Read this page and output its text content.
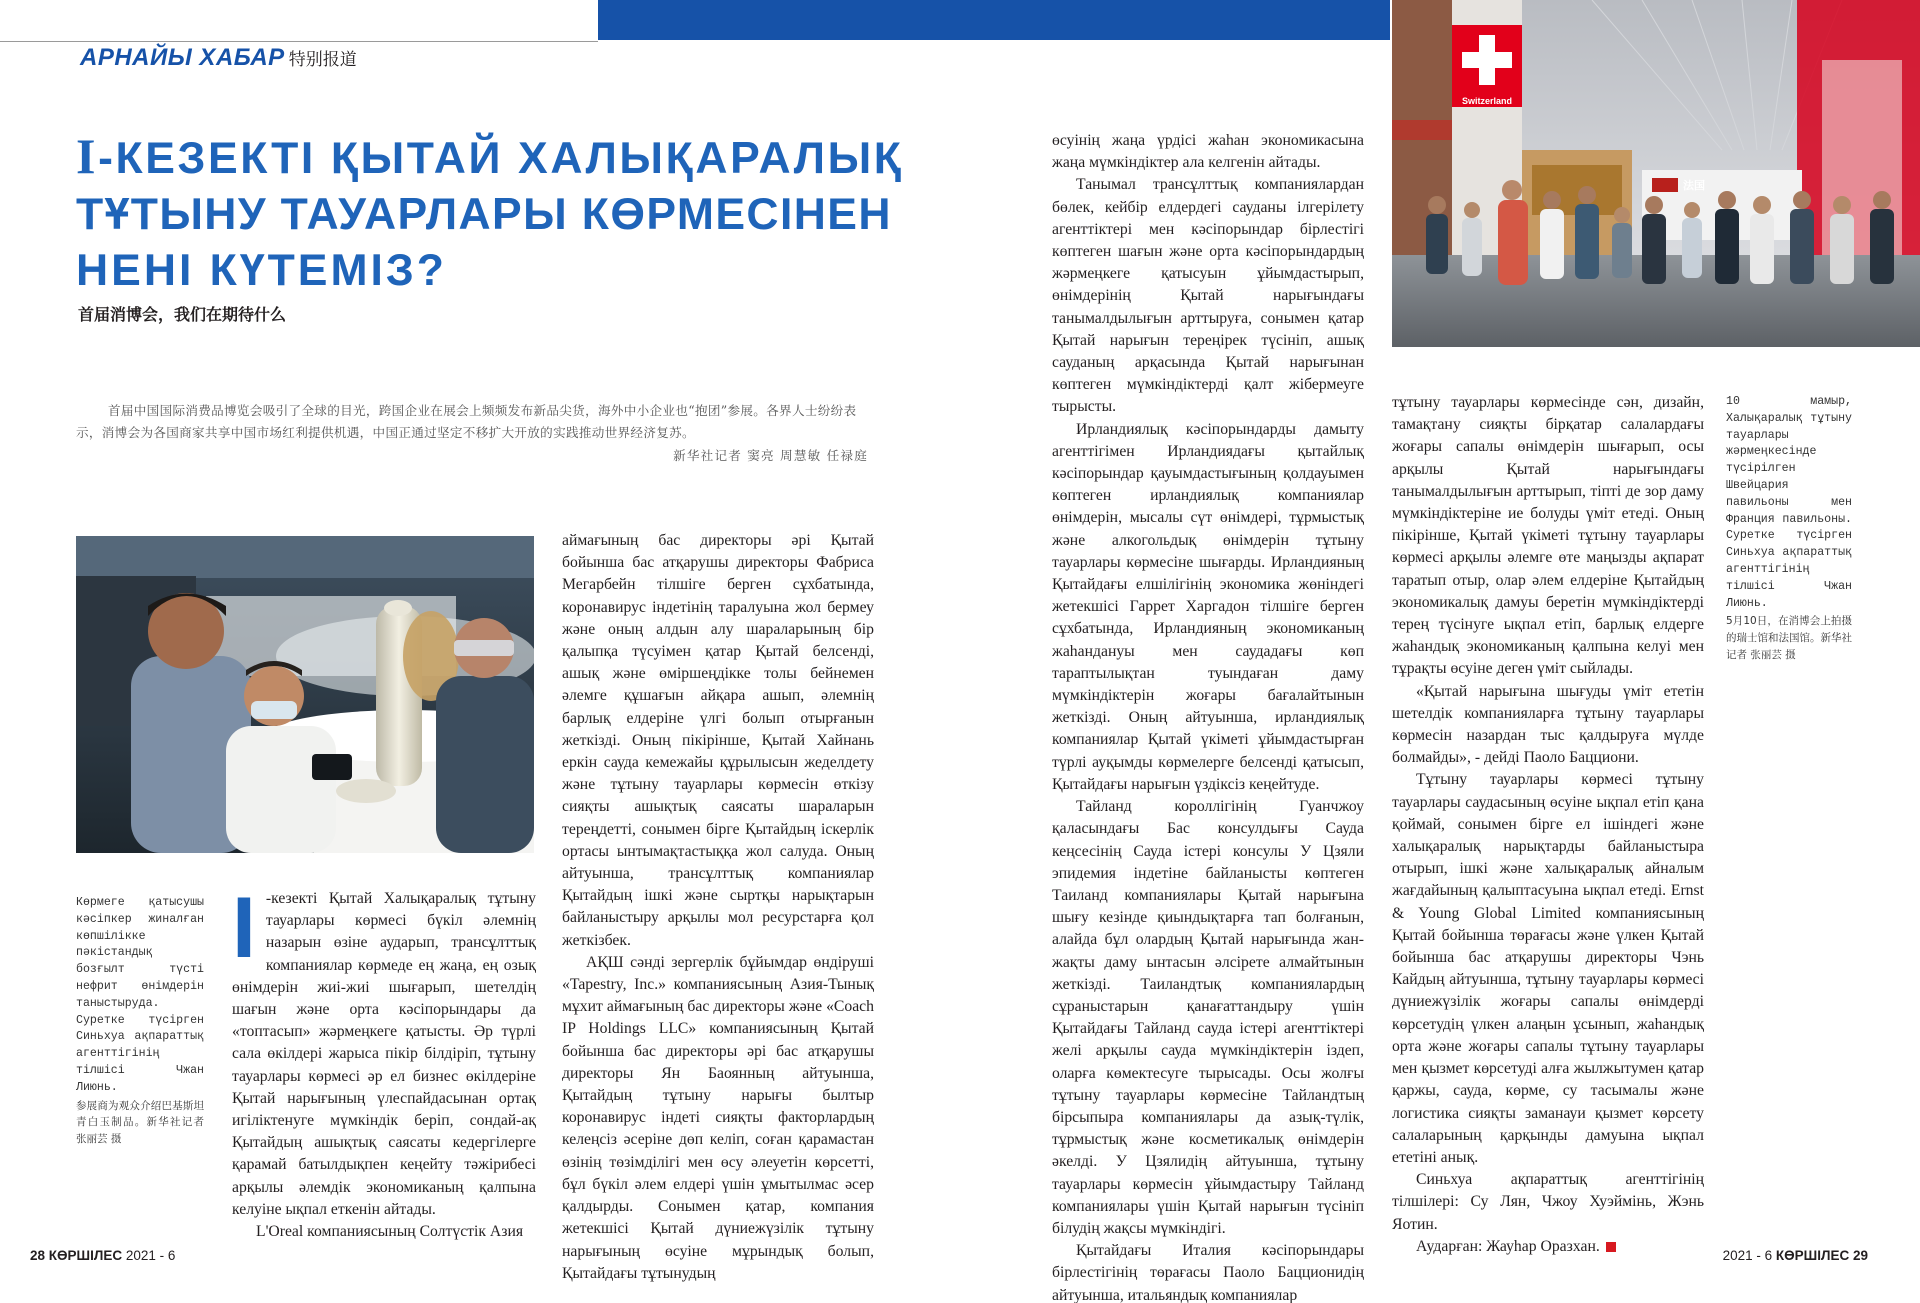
АРНАЙЫ ХАБАР 特别报道
І-КЕЗЕКТІ ҚЫТАЙ ХАЛЫҚАРАЛЫҚ
ТҰТЫНУ ТАУАРЛАРЫ КӨРМЕСІНЕН
НЕНІ КҮТЕМІЗ?
首届消博会，我们在期待什么

首届中国国际消费品博览会吸引了全球的目光，跨国企业在展会上频频发布新品尖货，海外中小企业也“抱团”参展。各界人士纷纷表示，消博会为各国商家共享中国市场红利提供机遇，中国正通过坚定不移扩大开放的实践推动世界经济复苏。

新华社记者 窦亮 周慧敏 任禄庭
Switzerland
法国
Көрмеге қатысушы кәсіпкер жиналған көпшілікке пәкістандық бозғылт түсті нефрит өнімдерін таныстыруда. Суретке түсірген Синьхуа ақпараттық агенттігінің тілшісі Чжан Лиюнь.
参展商为观众介绍巴基斯坦青白玉制品。新华社记者 张丽芸 摄
10 мамыр, Халықаралық тұтыну тауарлары жәрмеңкесінде түсірілген Швейцария павильоны мен Франция павильоны. Суретке түсірген Синьхуа ақпараттық агенттігінің тілшісі Чжан Лиюнь.
5月10日，在消博会上拍摄的瑞士馆和法国馆。新华社记者 张丽芸 摄

І -кезекті Қытай Халықаралық тұтыну тауарлары көрмесі бүкіл әлемнің назарын өзіне аударып, трансұлттық компаниялар көрмеде ең жаңа, ең озық өнімдерін жиі-жиі шығарып, шетелдің шағын және орта кәсіпорындары да «топтасып» жәрмеңкеге қатысты. Әр түрлі сала өкілдері жарыса пікір білдіріп, тұтыну тауарлары көрмесі әр ел бизнес өкілдеріне Қытай нарығының үлеспайдасынан ортақ игіліктенуге мүмкіндік беріп, сондай-ақ Қытайдың ашықтық саясаты кедергілерге қарамай батылдықпен кеңейту тәжірибесі арқылы әлемдік экономиканың қалпына келуіне ықпал еткенін айтады.

L'Oreal компаниясының Солтүстік Азия

аймағының бас директоры әрі Қытай бойынша бас атқарушы директоры Фабриса Мегарбейн тілшіге берген сұхбатында, коронавирус індетінің таралуына жол бермеу және оның алдын алу шараларының бір қалыпқа түсуімен қатар Қытай белсенді, ашық және өміршеңдікке толы бейнемен әлемге құшағын айқара ашып, әлемнің барлық елдеріне үлгі болып отырғанын жеткізді. Оның пікірінше, Қытай Хайнань еркін сауда кемежайы құрылысын жеделдету және тұтыну тауарлары көрмесін өткізу сияқты ашықтық саясаты шараларын тереңдетті, сонымен бірге Қытайдың іскерлік ортасы ынтымақтастыққа жол салуда. Оның айтуынша, трансұлттық компаниялар Қытайдың ішкі және сыртқы нарықтарын байланыстыру арқылы мол ресурстарға қол жеткізбек.

АҚШ сәнді зергерлік бұйымдар өндіруші «Tapestry, Inc.» компаниясының Азия-Тынық мұхит аймағының бас директоры және «Coach IP Holdings LLC» компаниясының Қытай бойынша бас директоры әрі бас атқарушы директоры Ян Баоянның айтуынша, Қытайдың тұтыну нарығы былтыр коронавирус індеті сияқты факторлардың келеңсіз әсеріне дөп келіп, соған қарамастан өзінің төзімділігі мен өсу әлеуетін көрсетті, бұл бүкіл әлем елдері үшін ұмытылмас әсер қалдырды. Сонымен қатар, компания жетекшісі Қытай дүниежүзілік тұтыну нарығының өсуіне мұрындық болып, Қытайдағы тұтынудың

өсуінің жаңа үрдісі жаһан экономикасына жаңа мүмкіндіктер ала келгенін айтады.

Танымал трансұлттық компаниялардан бөлек, кейбір елдердегі сауданы ілгерілету агенттіктері мен кәсіпорындар бірлестігі көптеген шағын және орта кәсіпорындардың жәрмеңкеге қатысуын ұйымдастырып, өнімдерінің Қытай нарығындағы танымалдылығын арттыруға, сонымен қатар Қытай нарығын тереңірек түсініп, ашық сауданың арқасында Қытай нарығынан көптеген мүмкіндіктерді қалт жібермеуге тырысты.

Ирландиялық кәсіпорындарды дамыту агенттігімен Ирландиядағы қытайлық кәсіпорындар қауымдастығының қолдауымен көптеген ирландиялық компаниялар өнімдерін, мысалы сүт өнімдері, тұрмыстық және алкогольдық өнімдерін тұтыну тауарлары көрмесіне шығарды. Ирландияның Қытайдағы елшілігінің экономика жөніндегі жетекшісі Гаррет Харгадон тілшіге берген сұхбатында, Ирландияның экономиканың жаһандануы мен саудадағы көп тараптылықтан туындаған даму мүмкіндіктерін жоғары бағалайтынын жеткізді. Оның айтуынша, ирландиялық компаниялар Қытай үкіметі ұйымдастырған түрлі ауқымды көрмелерге белсенді қатысып, Қытайдағы нарығын үздіксіз кеңейтуде.

Тайланд короллігінің Гуанчжоу қаласындағы Бас консулдығы Сауда кеңсесінің Сауда істері консулы У Цзяли эпидемия індетіне байланысты көптеген Таиланд компаниялары Қытай нарығына шығу кезінде қиындықтарға тап болғанын, алайда бұл олардың Қытай нарығында жан-жақты даму ынтасын әлсірете алмайтынын жеткізді. Таиландтық компаниялардың сұраныстарын қанағаттандыру үшін Қытайдағы Тайланд сауда істері агенттіктері желі арқылы сауда мүмкіндіктерін іздеп, оларға көмектесуге тырысады. Осы жолғы тұтыну тауарлары көрмесіне Тайландтың бірсыпыра компаниялары да азық-түлік, тұрмыстық және косметикалық өнімдерін әкелді. У Цзялидің айтуынша, тұтыну тауарлары көрмесін ұйымдастыру Тайланд компаниялары үшін Қытай нарығын түсініп білудің жақсы мүмкіндігі.

Қытайдағы Италия кәсіпорындары бірлестігінің төрағасы Паоло Бацционидің айтуынша, итальяндық компаниялар

тұтыну тауарлары көрмесінде сән, дизайн, тамақтану сияқты бірқатар салалардағы жоғары сапалы өнімдерін шығарып, осы арқылы Қытай нарығындағы танымалдылығын арттырып, тіпті де зор даму мүмкіндіктеріне ие болуды үміт етеді. Оның пікірінше, Қытай үкіметі тұтыну тауарлары көрмесі арқылы әлемге өте маңызды ақпарат таратып отыр, олар әлем елдеріне Қытайдың экономикалық дамуы беретін мүмкіндіктерді терең түсінуге ықпал етіп, барлық елдерге жаһандық экономиканың қалпына келуі мен тұрақты өсуіне деген үміт сыйлады.

«Қытай нарығына шығуды үміт ететін шетелдік компанияларға тұтыну тауарлары көрмесін назардан тыс қалдыруға мүлде болмайды», - дейді Паоло Бацциони.

Тұтыну тауарлары көрмесі тұтыну тауарлары саудасының өсуіне ықпал етіп қана қоймай, сонымен бірге ел ішіндегі және халықаралық нарықтарды байланыстыра отырып, ішкі және халықаралық айналым жағдайының қалыптасуына ықпал етеді. Ernst & Young Global Limited компаниясының Қытай бойынша төрағасы және үлкен Қытай бойынша бас атқарушы директоры Чэнь Кайдың айтуынша, тұтыну тауарлары көрмесі дүниежүзілік жоғары сапалы өнімдерді көрсетудің үлкен алаңын ұсынып, жаһандық орта және жоғары сапалы тұтыну тауарлары мен қызмет көрсетуді алға жылжытумен қатар қаржы, сауда, көрме, су тасымалы және логистика сияқты заманауи қызмет көрсету салаларының қарқынды дамуына ықпал ететіні анық.

Синьхуа ақпараттық агенттігінің тілшілері: Су Лян, Чжоу Хуэймінь, Жэнь Яотин.

Аударған: Жауһар Оразхан.

28 КӨРШІЛЕС 2021 - 6	2021 - 6 КӨРШІЛЕС 29
